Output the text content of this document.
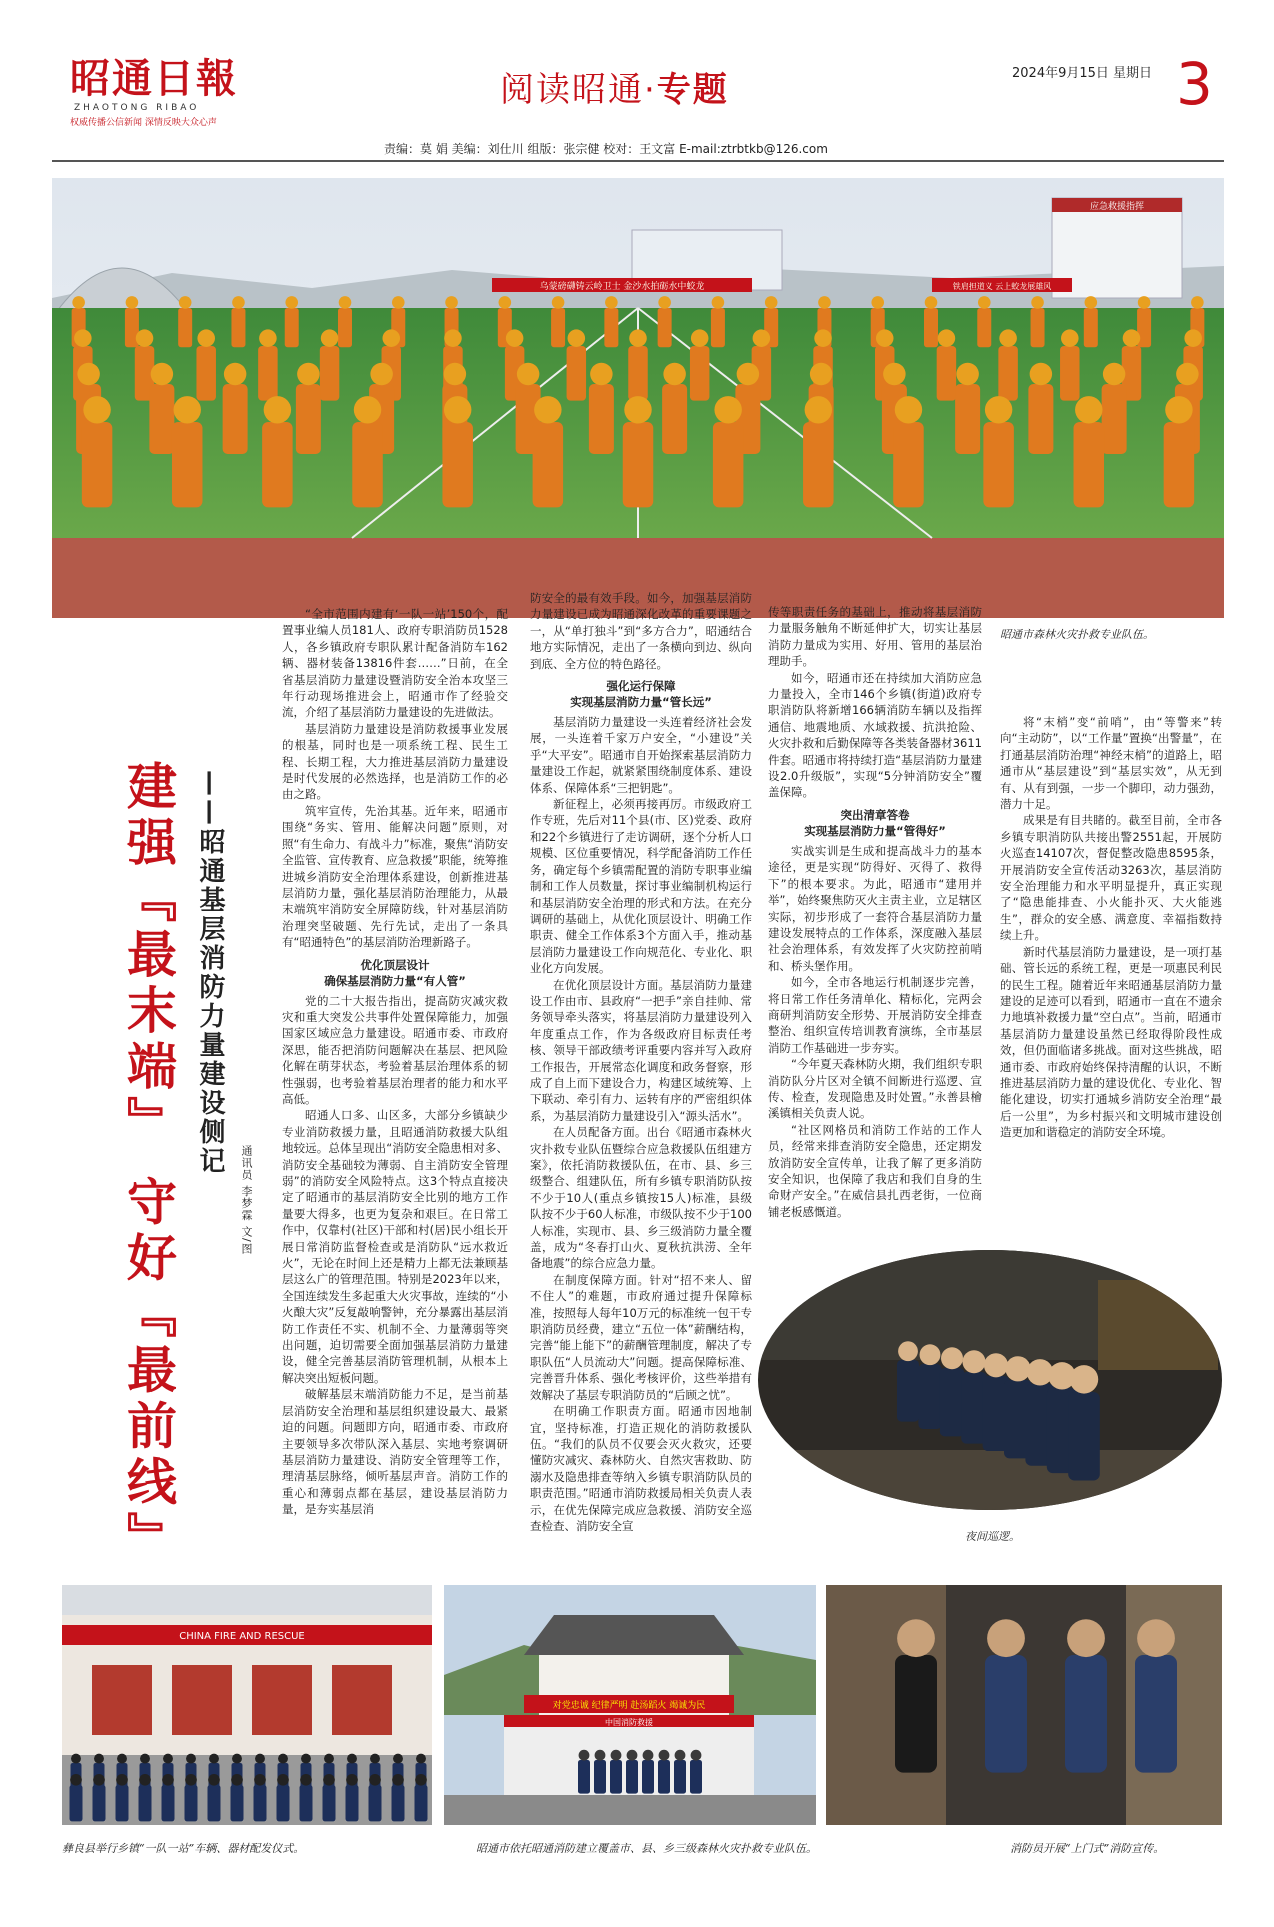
昭通日報
ZHAOTONG RIBAO
权威传播公信新闻 深情反映大众心声
阅读昭通·专题	2024年9月15日 星期日 3
责编：莫 娟 美编：刘仕川 组版：张宗健 校对：王文富 E-mail:ztrbtkb@126.com
应急救援指挥
乌蒙磅礴铸云岭卫士 金沙水拍砺水中蛟龙	铁肩担道义 云上蛟龙展雄风
昭通市森林火灾扑救专业队伍。
建强『最末端』 守好『最前线』 ——昭通基层消防力量建设侧记
通讯员 李梦霖 文/图

“全市范围内建有‘一队一站’150个，配置事业编人员181人、政府专职消防员1528人，各乡镇政府专职队累计配备消防车162辆、器材装备13816件套……”日前，在全省基层消防力量建设暨消防安全治本攻坚三年行动现场推进会上，昭通市作了经验交流，介绍了基层消防力量建设的先进做法。

基层消防力量建设是消防救援事业发展的根基，同时也是一项系统工程、民生工程、长期工程，大力推进基层消防力量建设是时代发展的必然选择，也是消防工作的必由之路。

筑牢宣传，先治其基。近年来，昭通市围绕“务实、管用、能解决问题”原则，对照“有生命力、有战斗力”标准，聚焦“消防安全监管、宣传教育、应急救援”职能，统筹推进城乡消防安全治理体系建设，创新推进基层消防力量，强化基层消防治理能力，从最末端筑牢消防安全屏障防线，针对基层消防治理突坚破题、先行先试，走出了一条具有“昭通特色”的基层消防治理新路子。

优化顶层设计
确保基层消防力量“有人管”

党的二十大报告指出，提高防灾减灾救灾和重大突发公共事件处置保障能力，加强国家区域应急力量建设。昭通市委、市政府深思，能否把消防问题解决在基层、把风险化解在萌芽状态，考验着基层治理体系的韧性强弱，也考验着基层治理者的能力和水平高低。

昭通人口多、山区多，大部分乡镇缺少专业消防救援力量，且昭通消防救援大队组地较远。总体呈现出“消防安全隐患相对多、消防安全基础较为薄弱、自主消防安全管理弱”的消防安全风险特点。这3个特点直接决定了昭通市的基层消防安全比别的地方工作量要大得多，也更为复杂和艰巨。在日常工作中，仅靠村(社区)干部和村(居)民小组长开展日常消防监督检查或是消防队“远水救近火”，无论在时间上还是精力上都无法兼顾基层这么广的管理范围。特别是2023年以来，全国连续发生多起重大火灾事故，连续的“小火酿大灾”反复敲响警钟，充分暴露出基层消防工作责任不实、机制不全、力量薄弱等突出问题，迫切需要全面加强基层消防力量建设，健全完善基层消防管理机制，从根本上解决突出短板问题。

破解基层末端消防能力不足，是当前基层消防安全治理和基层组织建设最大、最紧迫的问题。问题即方向，昭通市委、市政府主要领导多次带队深入基层、实地考察调研基层消防力量建设、消防安全管理等工作，理清基层脉络，倾听基层声音。消防工作的重心和薄弱点都在基层，建设基层消防力量，是夯实基层消

防安全的最有效手段。如今，加强基层消防力量建设已成为昭通深化改革的重要课题之一，从“单打独斗”到“多方合力”，昭通结合地方实际情况，走出了一条横向到边、纵向到底、全方位的特色路径。

强化运行保障
实现基层消防力量“管长远”

基层消防力量建设一头连着经济社会发展，一头连着千家万户安全，“小建设”关乎“大平安”。昭通市自开始探索基层消防力量建设工作起，就紧紧围绕制度体系、建设体系、保障体系“三把钥匙”。

新征程上，必须再接再厉。市级政府工作专班，先后对11个县(市、区)党委、政府和22个乡镇进行了走访调研，逐个分析人口规模、区位重要情况，科学配备消防工作任务，确定每个乡镇需配置的消防专职事业编制和工作人员数量，探讨事业编制机构运行和基层消防安全治理的形式和方法。在充分调研的基础上，从优化顶层设计、明确工作职责、健全工作体系3个方面入手，推动基层消防力量建设工作向规范化、专业化、职业化方向发展。

在优化顶层设计方面。基层消防力量建设工作由市、县政府“一把手”亲自挂帅、常务领导牵头落实，将基层消防力量建设列入年度重点工作，作为各级政府目标责任考核、领导干部政绩考评重要内容并写入政府工作报告，开展常态化调度和政务督察，形成了自上而下建设合力，构建区域统筹、上下联动、牵引有力、运转有序的严密组织体系，为基层消防力量建设引入“源头活水”。

在人员配备方面。出台《昭通市森林火灾扑救专业队伍暨综合应急救援队伍组建方案》，依托消防救援队伍，在市、县、乡三级整合、组建队伍，所有乡镇专职消防队按不少于10人(重点乡镇按15人)标准，县级队按不少于60人标准，市级队按不少于100人标准，实现市、县、乡三级消防力量全覆盖，成为“冬春打山火、夏秋抗洪涝、全年备地震”的综合应急力量。

在制度保障方面。针对“招不来人、留不住人”的难题，市政府通过提升保障标准，按照每人每年10万元的标准统一包干专职消防员经费，建立“五位一体”薪酬结构，完善“能上能下”的薪酬管理制度，解决了专职队伍“人员流动大”问题。提高保障标准、完善晋升体系、强化考核评价，这些举措有效解决了基层专职消防员的“后顾之忧”。

在明确工作职责方面。昭通市因地制宜，坚持标准，打造正规化的消防救援队伍。“我们的队员不仅要会灭火救灾，还要懂防灾减灾、森林防火、自然灾害救助、防溺水及隐患排查等纳入乡镇专职消防队员的职责范围。”昭通市消防救援局相关负责人表示，在优先保障完成应急救援、消防安全巡查检查、消防安全宣

传等职责任务的基础上，推动将基层消防力量服务触角不断延伸扩大，切实让基层消防力量成为实用、好用、管用的基层治理助手。

如今，昭通市还在持续加大消防应急力量投入，全市146个乡镇(街道)政府专职消防队将新增166辆消防车辆以及指挥通信、地震地质、水域救援、抗洪抢险、火灾扑救和后勤保障等各类装备器材3611件套。昭通市将持续打造“基层消防力量建设2.0升级版”，实现“5分钟消防安全”覆盖保障。

突出清章答卷
实现基层消防力量“管得好”

实战实训是生成和提高战斗力的基本途径，更是实现“防得好、灭得了、救得下”的根本要求。为此，昭通市“建用并举”，始终聚焦防灭火主责主业，立足辖区实际，初步形成了一套符合基层消防力量建设发展特点的工作体系，深度融入基层社会治理体系，有效发挥了火灾防控前哨和、桥头堡作用。

如今，全市各地运行机制逐步完善，将日常工作任务清单化、精标化，完两会商研判消防安全形势、开展消防安全排查整治、组织宣传培训教育演练，全市基层消防工作基础进一步夯实。

“今年夏天森林防火期，我们组织专职消防队分片区对全镇不间断进行巡逻、宣传、检查，发现隐患及时处置。”永善县檜溪镇相关负责人说。

“社区网格员和消防工作站的工作人员，经常来排查消防安全隐患，还定期发放消防安全宣传单，让我了解了更多消防安全知识，也保障了我店和我们自身的生命财产安全。”在威信县扎西老街，一位商铺老板感慨道。

将“末梢”变“前哨”，由“等警来”转向“主动防”，以“工作量”置换“出警量”，在打通基层消防治理“神经末梢”的道路上，昭通市从“基层建设”到“基层实效”，从无到有、从有到强，一步一个脚印，动力强劲，潜力十足。

成果是有目共睹的。截至目前，全市各乡镇专职消防队共接出警2551起，开展防火巡查14107次，督促整改隐患8595条，开展消防安全宣传活动3263次，基层消防安全治理能力和水平明显提升，真正实现了“隐患能排查、小火能扑灭、大火能逃生”，群众的安全感、满意度、幸福指数持续上升。

新时代基层消防力量建设，是一项打基础、管长远的系统工程，更是一项惠民利民的民生工程。随着近年来昭通基层消防力量建设的足迹可以看到，昭通市一直在不遗余力地填补救援力量“空白点”。当前，昭通市基层消防力量建设虽然已经取得阶段性成效，但仍面临诸多挑战。面对这些挑战，昭通市委、市政府始终保持清醒的认识，不断推进基层消防力量的建设优化、专业化、智能化建设，切实打通城乡消防安全治理“最后一公里”，为乡村振兴和文明城市建设创造更加和谐稳定的消防安全环境。

夜间巡逻。
CHINA FIRE AND RESCUE
对党忠诚 纪律严明 赴汤蹈火 竭诚为民
中国消防救援
彝良县举行乡镇“一队一站”车辆、器材配发仪式。	昭通市依托昭通消防建立覆盖市、县、乡三级森林火灾扑救专业队伍。	消防员开展“上门式”消防宣传。
